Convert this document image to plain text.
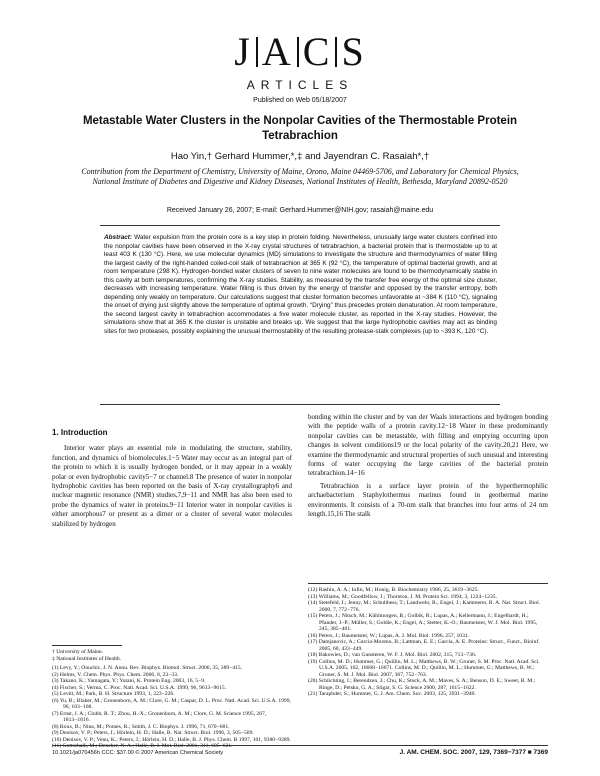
J A C S
ARTICLES
Published on Web 05/18/2007
Metastable Water Clusters in the Nonpolar Cavities of the Thermostable Protein Tetrabrachion
Hao Yin,† Gerhard Hummer,*,‡ and Jayendran C. Rasaiah*,†
Contribution from the Department of Chemistry, University of Maine, Orono, Maine 04469-5706, and Laboratory for Chemical Physics, National Institute of Diabetes and Digestive and Kidney Diseases, National Institutes of Health, Bethesda, Maryland 20892-0520
Received January 26, 2007; E-mail: Gerhard.Hummer@NIH.gov; rasaiah@maine.edu
Abstract: Water expulsion from the protein core is a key step in protein folding. Nevertheless, unusually large water clusters confined into the nonpolar cavities have been observed in the X-ray crystal structures of tetrabrachion, a bacterial protein that is thermostable up to at least 403 K (130 °C). Here, we use molecular dynamics (MD) simulations to investigate the structure and thermodynamics of water filling the largest cavity of the right-handed coiled-coil stalk of tetrabrachion at 365 K (92 °C), the temperature of optimal bacterial growth, and at room temperature (298 K). Hydrogen-bonded water clusters of seven to nine water molecules are found to be thermodynamically stable in this cavity at both temperatures, confirming the X-ray studies. Stability, as measured by the transfer free energy of the optimal size cluster, decreases with increasing temperature. Water filling is thus driven by the energy of transfer and opposed by the transfer entropy, both depending only weakly on temperature. Our calculations suggest that cluster formation becomes unfavorable at ~384 K (110 °C), signaling the onset of drying just slightly above the temperature of optimal growth. “Drying” thus precedes protein denaturation. At room temperature, the second largest cavity in tetrabrachion accommodates a five water molecule cluster, as reported in the X-ray studies. However, the simulations show that at 365 K the cluster is unstable and breaks up. We suggest that the large hydrophobic cavities may act as binding sites for two proteases, possibly explaining the unusual thermostability of the resulting protease-stalk complexes (up to ~393 K, 120 °C).
1. Introduction

Interior water plays an essential role in modulating the structure, stability, function, and dynamics of biomolecules.1−5 Water may occur as an integral part of the protein to which it is usually hydrogen bonded, or it may appear in a weakly polar or even hydrophobic cavity5−7 or channel.8 The presence of water in nonpolar hydrophobic cavities has been reported on the basis of X-ray crystallography6 and nuclear magnetic resonance (NMR) studies,7,9−11 and NMR has also been used to probe the dynamics of water in proteins.9−11 Interior water in nonpolar cavities is either amorphous7 or present as a dimer or a cluster of several water molecules stabilized by hydrogen

bonding within the cluster and by van der Waals interactions and hydrogen bonding with the peptide walls of a protein cavity.12−18 Water in these predominantly nonpolar cavities can be metastable, with filling and emptying occurring upon changes in solvent conditions19 or the local polarity of the cavity.20,21 Here, we examine the thermodynamic and structural properties of such unusual and interesting forms of water occupying the large cavities of the bacterial protein tetrabrachion.14−16

Tetrabrachion is a surface layer protein of the hyperthermophilic archaebacterium Staphylothermus marinus found in geothermal marine environments. It consists of a 70-nm stalk that branches into four arms of 24 nm length.15,16 The stalk

† University of Maine.

‡ National Institutes of Health.

(1) Levy, Y.; Onuchic, J. N. Annu. Rev. Biophys. Biomol. Struct. 2006, 35, 389−415.
(2) Helms, V. Chem. Phys. Phys. Chem. 2006, 8, 23−33.
(3) Takano, K.; Yamagata, Y.; Yutani, K. Protein Eng. 2003, 16, 5−9.
(4) Fischer, S.; Verma, C. Proc. Natl. Acad. Sci. U.S.A. 1999, 96, 9613−9615.
(5) Levitt, M.; Park, B. H. Structure 1993, 1, 223−226.
(6) Yu, B.; Blaber, M.; Gronenborn, A. M.; Clore, G. M.; Caspar, D. L. Proc. Natl. Acad. Sci. U.S.A. 1999, 96, 103−108.
(7) Ernst, J. A.; Clubb, R. T.; Zhou, H.-X.; Gronenborn, A. M.; Clore, G. M. Science 1995, 267, 1813−1816.
(8) Roux, B.; Nina, M.; Pomès, R.; Smith, J. C. Biophys. J. 1996, 71, 670−681.
(9) Denisov, V. P.; Peters, J.; Hörlein, H. D.; Halle, B. Nat. Struct. Biol. 1996, 3, 505−509.
(10) Denisov, V. P.; Venu, K.; Peters, J.; Hörlein, H. D.; Halle, B. J. Phys. Chem. B 1997, 101, 9380−9389.
(11) Gottschalk, M.; Dencher, N. A.; Halle, B. J. Mol. Biol. 2001, 311, 605−621.
(12) Rashin, A. A.; Iofin, M.; Honig, B. Biochemistry 1986, 25, 3619−3625.
(13) Williams, M.; Goodfellow, J.; Thornton, J. M. Protein Sci. 1994, 3, 1224−1235.
(14) Stetefeld, J.; Jenny, M.; Schulthess, T.; Landwehr, R.; Engel, J.; Kammerer, R. A. Nat. Struct. Biol. 2000, 7, 772−776.
(15) Peters, J.; Nitsch, M.; Kühlmorgen, B.; Golbik, R.; Lupas, A.; Kellermann, J.; Engelhardt, H.; Pfander, J.-P.; Müller, S.; Goldie, K.; Engel, A.; Stetter, K.-O.; Baumeister, W. J. Mol. Biol. 1995, 245, 385−401.
(16) Peters, J.; Baumeister, W.; Lupas, A. J. Mol. Biol. 1996, 257, 1031.
(17) Damjanovic, A.; Garcia-Moreno, B.; Lattman, E. E.; García, A. E. Proteins: Struct., Funct., Bioinf. 2005, 60, 433−449.
(18) Bakowies, D.; van Gunsteren, W. F. J. Mol. Biol. 2002, 315, 713−736.
(19) Collins, M. D.; Hummer, G.; Quillin, M. L.; Matthews, B. W.; Gruner, S. M. Proc. Natl. Acad. Sci. U.S.A. 2005, 102, 16668−16671. Collins, M. D.; Quillin, M. L.; Hummer, G.; Matthews, B. W.; Gruner, S. M. J. Mol. Biol. 2007, 367, 752−763.
(20) Schlichting, I.; Berendzen, J.; Chu, K.; Stock, A. M.; Maves, S. A.; Benson, D. E.; Sweet, R. M.; Ringe, D.; Petsko, G. A.; Sligar, S. G. Science 2000, 287, 1615−1622.
(21) Taraphder, S.; Hummer, G. J. Am. Chem. Soc. 2003, 125, 3931−3940.
10.1021/ja070456h CCC: $37.00 © 2007 American Chemical Society	J. AM. CHEM. SOC. 2007, 129, 7369−7377 ■ 7369
